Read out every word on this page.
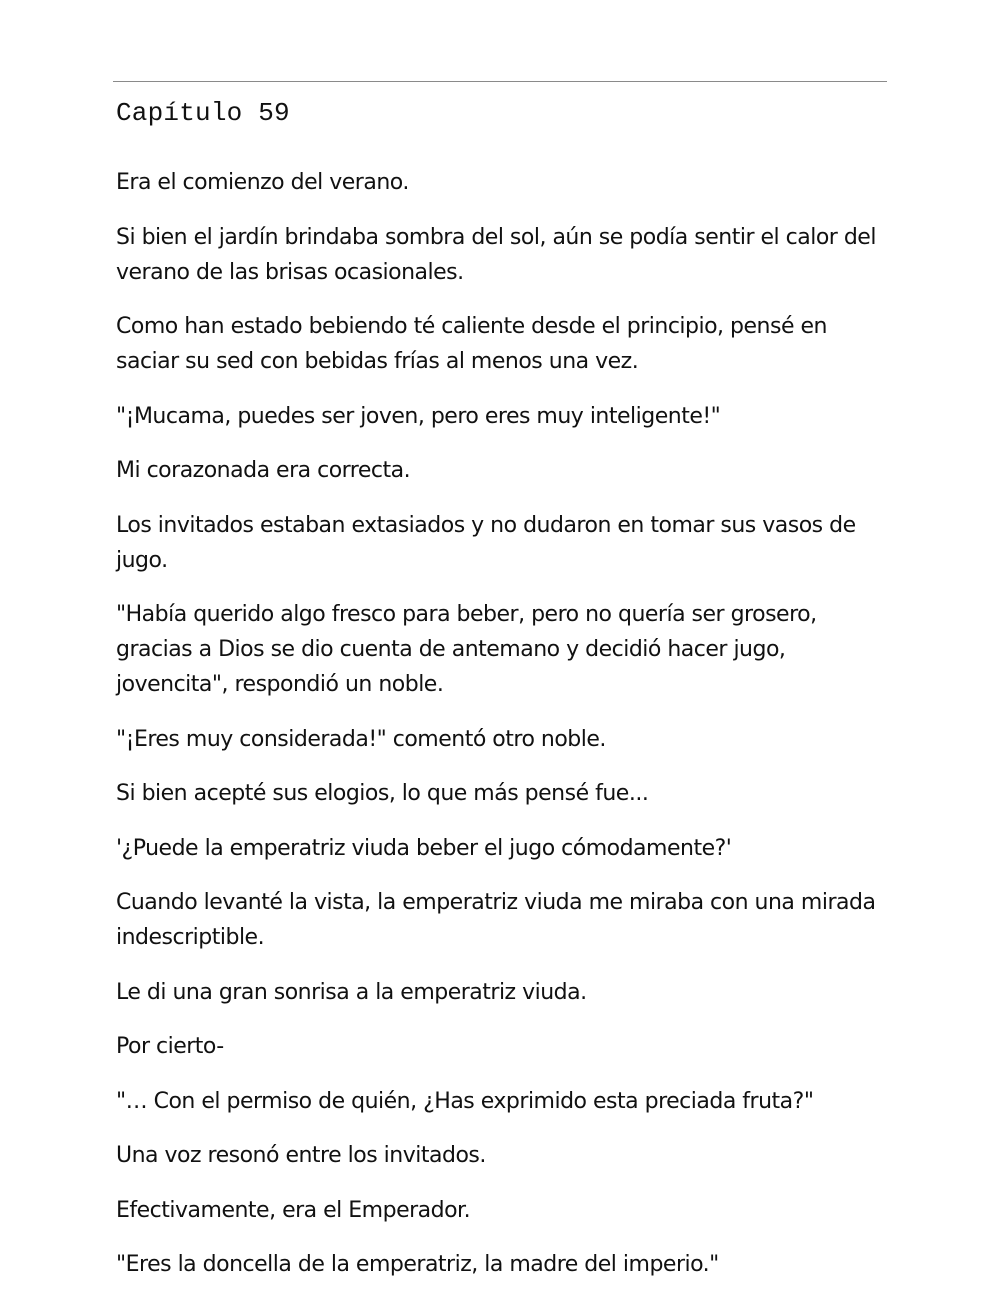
Capítulo 59

Era el comienzo del verano.

Si bien el jardín brindaba sombra del sol, aún se podía sentir el calor del verano de las brisas ocasionales.

Como han estado bebiendo té caliente desde el principio, pensé en saciar su sed con bebidas frías al menos una vez.

"¡Mucama, puedes ser joven, pero eres muy inteligente!"

Mi corazonada era correcta.

Los invitados estaban extasiados y no dudaron en tomar sus vasos de jugo.

"Había querido algo fresco para beber, pero no quería ser grosero, gracias a Dios se dio cuenta de antemano y decidió hacer jugo, jovencita", respondió un noble.

"¡Eres muy considerada!" comentó otro noble.

Si bien acepté sus elogios, lo que más pensé fue...

'¿Puede la emperatriz viuda beber el jugo cómodamente?'

Cuando levanté la vista, la emperatriz viuda me miraba con una mirada indescriptible.

Le di una gran sonrisa a la emperatriz viuda.

Por cierto-

"… Con el permiso de quién, ¿Has exprimido esta preciada fruta?"

Una voz resonó entre los invitados.

Efectivamente, era el Emperador.

"Eres la doncella de la emperatriz, la madre del imperio."
